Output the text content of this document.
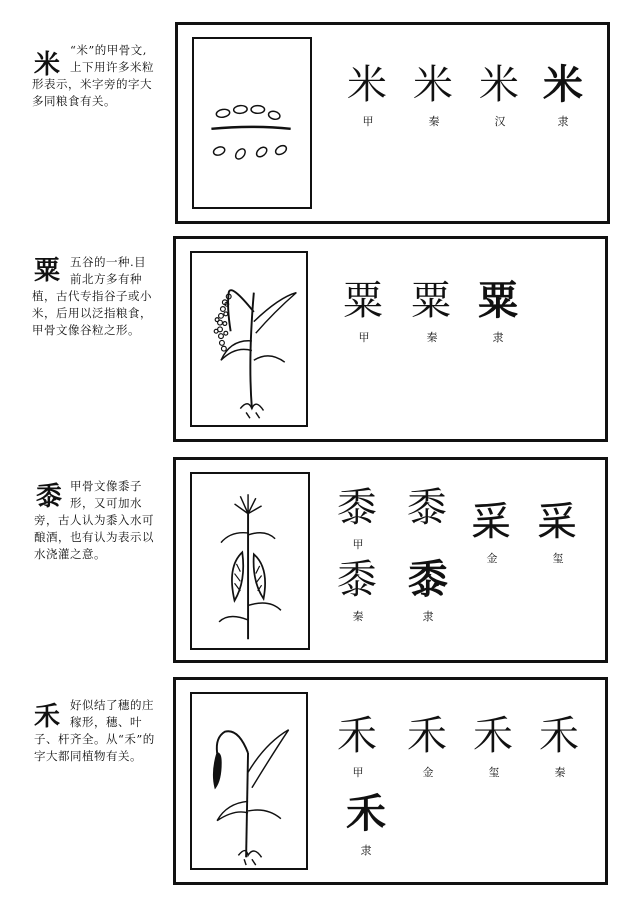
米 “米”的甲骨文,

上下用许多米粒

形表示，米字旁的字大

多同粮食有关。	米
甲
米
秦
米
汉
米
隶
粟 五谷的一种.目

前北方多有种

植，古代专指谷子或小

米，后用以泛指粮食，

甲骨文像谷粒之形。

粟
甲
粟
秦
粟
隶
黍 甲骨文像黍子

形，又可加水

旁，古人认为黍入水可

酿酒，也有认为表示以

水浇灌之意。

黍
甲
黍 𥝩
金
𥝩
玺
黍
秦
黍
隶
禾 好似结了穗的庄

稼形，穗、叶

子、杆齐全。从“禾”的

字大都同植物有关。	禾
甲
禾
金
禾
玺
禾
秦
禾
隶
